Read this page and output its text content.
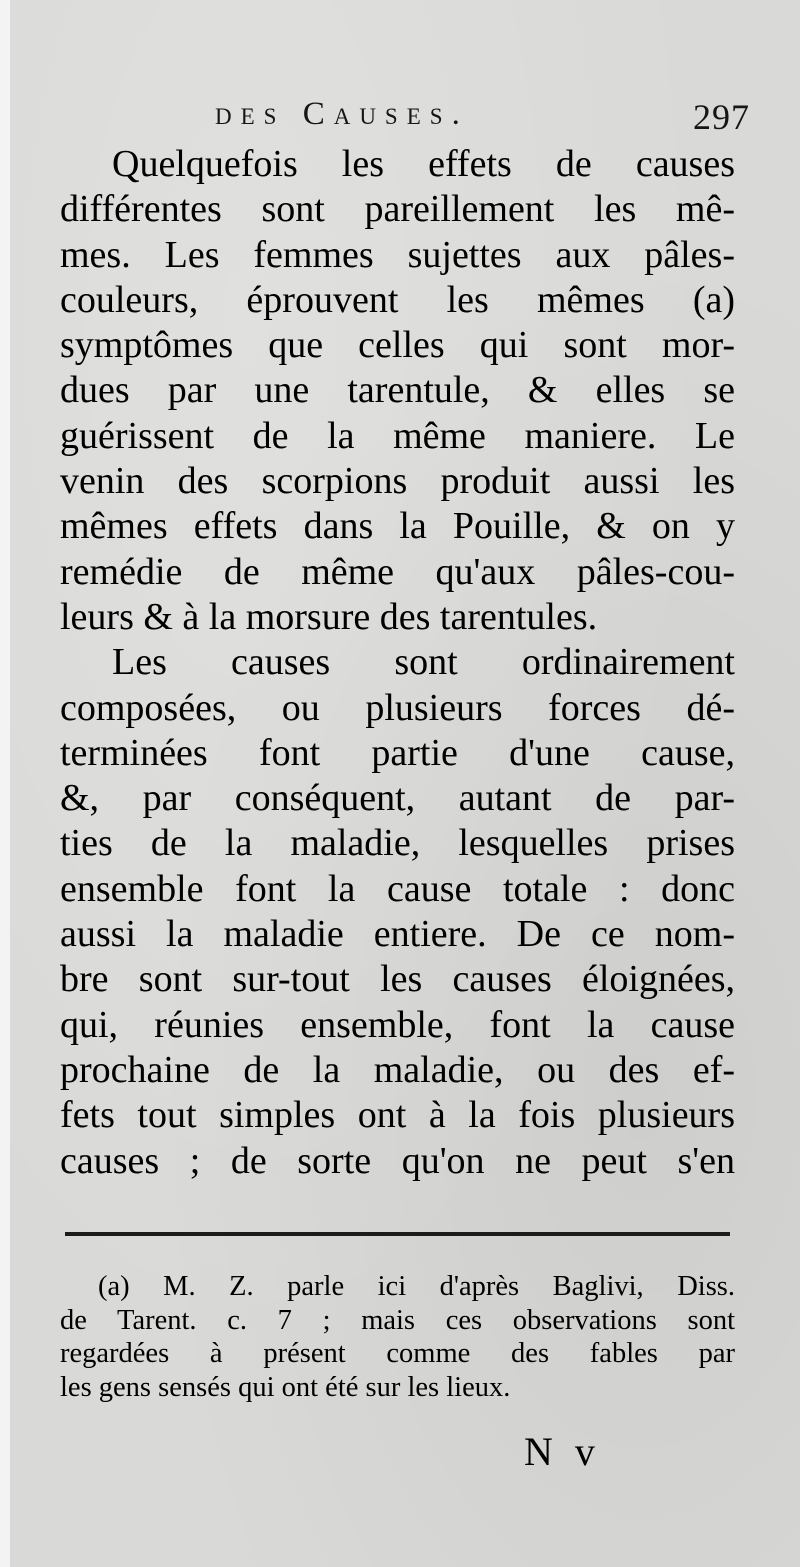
des Causes.	297
Quelquefois les effets de causes
différentes sont pareillement les mê-
mes. Les femmes sujettes aux pâles-
couleurs, éprouvent les mêmes (a)
symptômes que celles qui sont mor-
dues par une tarentule, & elles se
guérissent de la même maniere. Le
venin des scorpions produit aussi les
mêmes effets dans la Pouille, & on y
remédie de même qu'aux pâles-cou-
leurs & à la morsure des tarentules.
Les causes sont ordinairement
composées, ou plusieurs forces dé-
terminées font partie d'une cause,
&, par conséquent, autant de par-
ties de la maladie, lesquelles prises
ensemble font la cause totale : donc
aussi la maladie entiere. De ce nom-
bre sont sur-tout les causes éloignées,
qui, réunies ensemble, font la cause
prochaine de la maladie, ou des ef-
fets tout simples ont à la fois plusieurs
causes ; de sorte qu'on ne peut s'en
(a) M. Z. parle ici d'après Baglivi, Diss.
de Tarent. c. 7 ; mais ces observations sont
regardées à présent comme des fables par
les gens sensés qui ont été sur les lieux.
N v
